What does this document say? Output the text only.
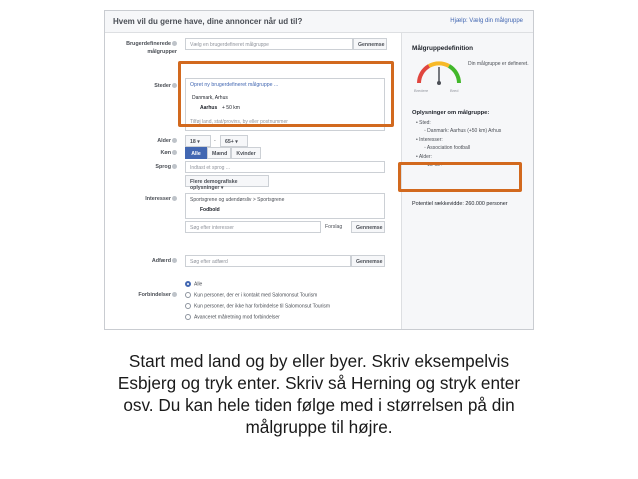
Hvem vil du gerne have, dine annoncer når ud til?	Hjælp: Vælg din målgruppe
Brugerdefinerede
målgrupper
Vælg en brugerdefineret målgruppe	Gennemse
Steder	Opret ny brugerdefineret målgruppe ...
Danmark, Arhus
Aarhus + 50 km
Tilføj land, stat/provins, by eller postnummer
Alder	18 ▾	-	65+ ▾
Køn	Alle	Mænd	Kvinder
Sprog	Indtast et sprog ...
Flere demografiske oplysninger ▾
Interesser	Sportsgrene og udendørsliv > Sportsgrene
Fodbold
Søg efter interesser	Forslag	Gennemse
Adfærd	Søg efter adfærd	Gennemse
Forbindelser
Alle
Kun personer, der er i kontakt med Salomonsut Tourism
Kun personer, der ikke har forbindelse til Salomonsut Tourism
Avanceret målretning mod forbindelser
Målgruppedefinition
Bredere	Bred
Din målgruppe er defineret.
Oplysninger om målgruppe:
• Sted:
◦ Danmark: Aarhus (+50 km) Arhus
• Interesser:
◦ Association football
• Alder:
◦ 18-65+
Potentiel rækkevidde: 260.000 personer
Start med land og by eller byer. Skriv eksempelvis
Esbjerg og tryk enter. Skriv så Herning og stryk enter
osv. Du kan hele tiden følge med i størrelsen på din
målgruppe til højre.
